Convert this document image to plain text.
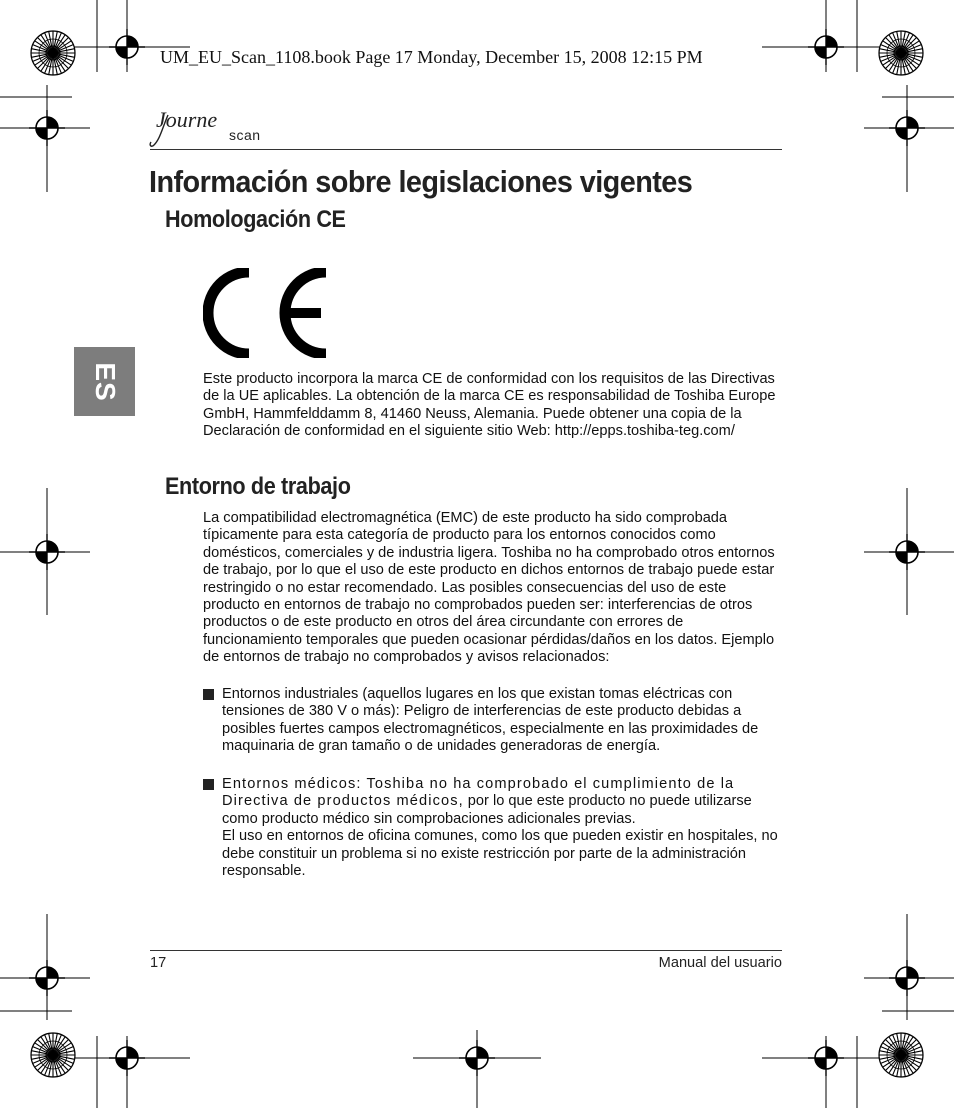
UM_EU_Scan_1108.book Page 17 Monday, December 15, 2008 12:15 PM
Journe
scan
Información sobre legislaciones vigentes
Homologación CE
ES	Este producto incorpora la marca CE de conformidad con los requisitos de las Directivas de la UE aplicables. La obtención de la marca CE es responsabilidad de Toshiba Europe GmbH, Hammfelddamm 8, 41460 Neuss, Alemania. Puede obtener una copia de la Declaración de conformidad en el siguiente sitio Web: http://epps.toshiba-teg.com/

Entorno de trabajo

La compatibilidad electromagnética (EMC) de este producto ha sido comprobada típicamente para esta categoría de producto para los entornos conocidos como domésticos, comerciales y de industria ligera. Toshiba no ha comprobado otros entornos de trabajo, por lo que el uso de este producto en dichos entornos de trabajo puede estar restringido o no estar recomendado. Las posibles consecuencias del uso de este producto en entornos de trabajo no comprobados pueden ser: interferencias de otros productos o de este producto en otros del área circundante con errores de funcionamiento temporales que pueden ocasionar pérdidas/daños en los datos. Ejemplo de entornos de trabajo no comprobados y avisos relacionados:

Entornos industriales (aquellos lugares en los que existan tomas eléctricas con tensiones de 380 V o más): Peligro de interferencias de este producto debidas a posibles fuertes campos electromagnéticos, especialmente en las proximidades de maquinaria de gran tamaño o de unidades generadoras de energía.
Entornos médicos: Toshiba no ha comprobado el cumplimiento de la Directiva de productos médicos, por lo que este producto no puede utilizarse como producto médico sin comprobaciones adicionales previas.
El uso en entornos de oficina comunes, como los que pueden existir en hospitales, no debe constituir un problema si no existe restricción por parte de la administración responsable.
17	Manual del usuario
